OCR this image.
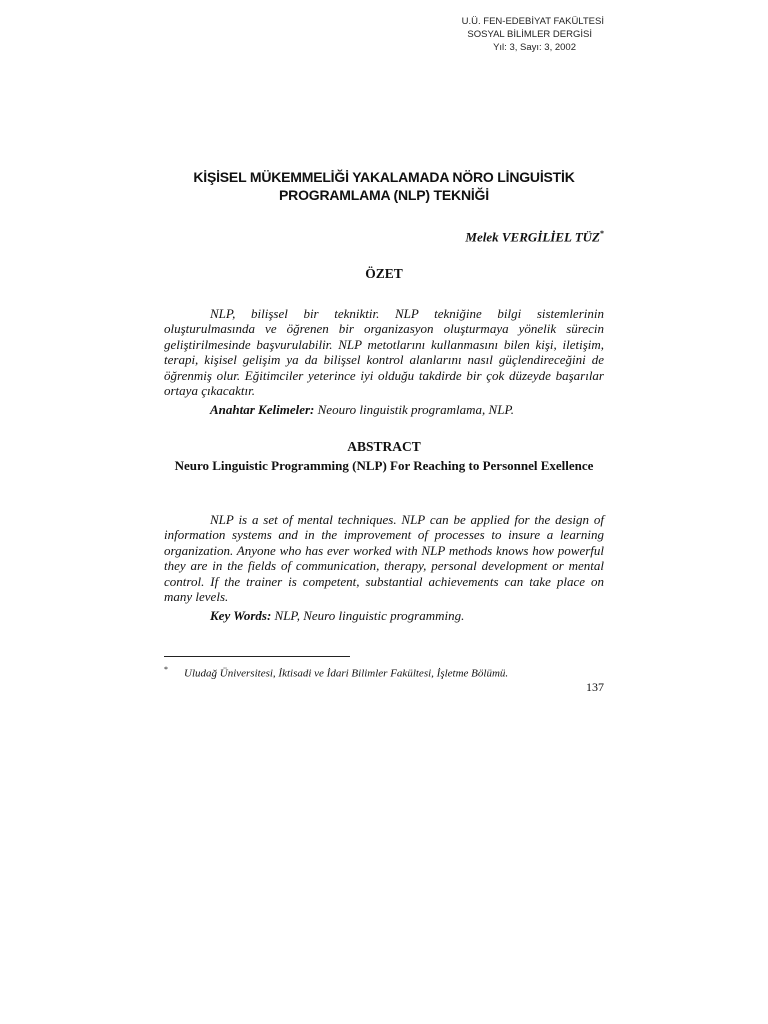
U.Ü. FEN-EDEBİYAT FAKÜLTESİ
SOSYAL BİLİMLER DERGİSİ
Yıl: 3, Sayı: 3, 2002
KİŞİSEL MÜKEMMELİĞİ YAKALAMADA NÖRO LİNGUİSTİK
PROGRAMLAMA (NLP) TEKNİĞİ
Melek VERGİLİEL TÜZ*
ÖZET

NLP, bilişsel bir tekniktir. NLP tekniğine bilgi sistemlerinin oluşturulmasında ve öğrenen bir organizasyon oluşturmaya yönelik sürecin geliştirilmesinde başvurulabilir. NLP metotlarını kullanmasını bilen kişi, iletişim, terapi, kişisel gelişim ya da bilişsel kontrol alanlarını nasıl güçlendireceğini de öğrenmiş olur. Eğitimciler yeterince iyi olduğu takdirde bir çok düzeyde başarılar ortaya çıkacaktır.

Anahtar Kelimeler: Neouro linguistik programlama, NLP.
ABSTRACT
Neuro Linguistic Programming (NLP) For Reaching to Personnel Exellence

NLP is a set of mental techniques. NLP can be applied for the design of information systems and in the improvement of processes to insure a learning organization. Anyone who has ever worked with NLP methods knows how powerful they are in the fields of communication, therapy, personal development or mental control. If the trainer is competent, substantial achievements can take place on many levels.

Key Words: NLP, Neuro linguistic programming.
* Uludağ Üniversitesi, İktisadi ve İdari Bilimler Fakültesi, İşletme Bölümü.
137
